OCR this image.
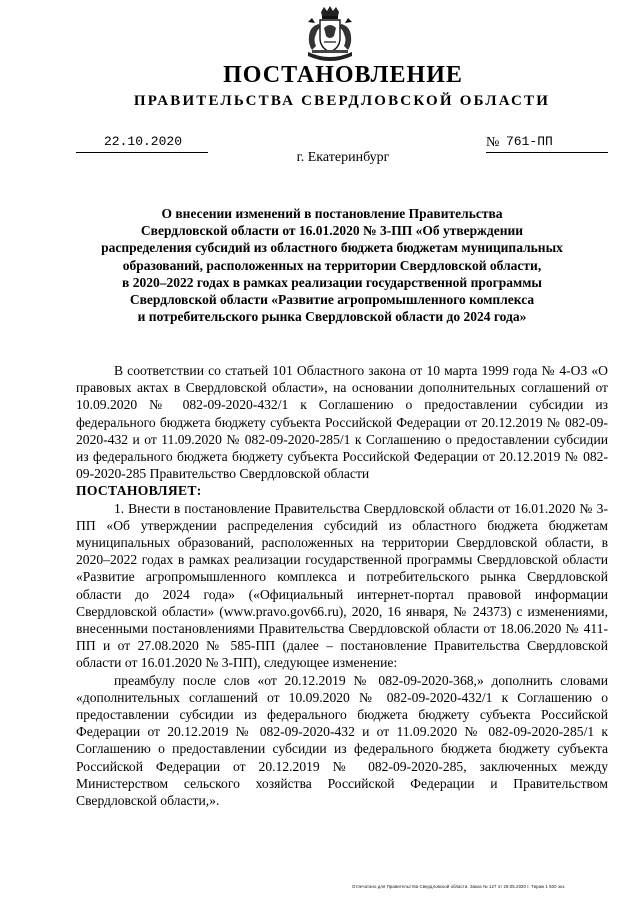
ПОСТАНОВЛЕНИЕ
ПРАВИТЕЛЬСТВА СВЕРДЛОВСКОЙ ОБЛАСТИ
22.10.2020	№ 761-ПП
г. Екатеринбург
О внесении изменений в постановление Правительства
Свердловской области от 16.01.2020 № 3-ПП «Об утверждении
распределения субсидий из областного бюджета бюджетам муниципальных
образований, расположенных на территории Свердловской области,
в 2020–2022 годах в рамках реализации государственной программы
Свердловской области «Развитие агропромышленного комплекса
и потребительского рынка Свердловской области до 2024 года»
В соответствии со статьей 101 Областного закона от 10 марта 1999 года № 4-ОЗ «О правовых актах в Свердловской области», на основании дополнительных соглашений от 10.09.2020 № 082-09-2020-432/1 к Соглашению о предоставлении субсидии из федерального бюджета бюджету субъекта Российской Федерации от 20.12.2019 № 082-09-2020-432 и от 11.09.2020 № 082-09-2020-285/1 к Соглашению о предоставлении субсидии из федерального бюджета бюджету субъекта Российской Федерации от 20.12.2019 № 082-09-2020-285 Правительство Свердловской области
ПОСТАНОВЛЯЕТ:
1. Внести в постановление Правительства Свердловской области от 16.01.2020 № 3-ПП «Об утверждении распределения субсидий из областного бюджета бюджетам муниципальных образований, расположенных на территории Свердловской области, в 2020–2022 годах в рамках реализации государственной программы Свердловской области «Развитие агропромышленного комплекса и потребительского рынка Свердловской области до 2024 года» («Официальный интернет-портал правовой информации Свердловской области» (www.pravo.gov66.ru), 2020, 16 января, № 24373) с изменениями, внесенными постановлениями Правительства Свердловской области от 18.06.2020 № 411-ПП и от 27.08.2020 № 585-ПП (далее – постановление Правительства Свердловской области от 16.01.2020 № 3-ПП), следующее изменение:
преамбулу после слов «от 20.12.2019 № 082-09-2020-368,» дополнить словами «дополнительных соглашений от 10.09.2020 № 082-09-2020-432/1 к Соглашению о предоставлении субсидии из федерального бюджета бюджету субъекта Российской Федерации от 20.12.2019 № 082-09-2020-432 и от 11.09.2020 № 082-09-2020-285/1 к Соглашению о предоставлении субсидии из федерального бюджета бюджету субъекта Российской Федерации от 20.12.2019 № 082-09-2020-285, заключенных между Министерством сельского хозяйства Российской Федерации и Правительством Свердловской области,».
Отпечатано для Правительства Свердловской области. Заказ № 127 от 29.05.2020 г. Тираж 1 500 экз.
